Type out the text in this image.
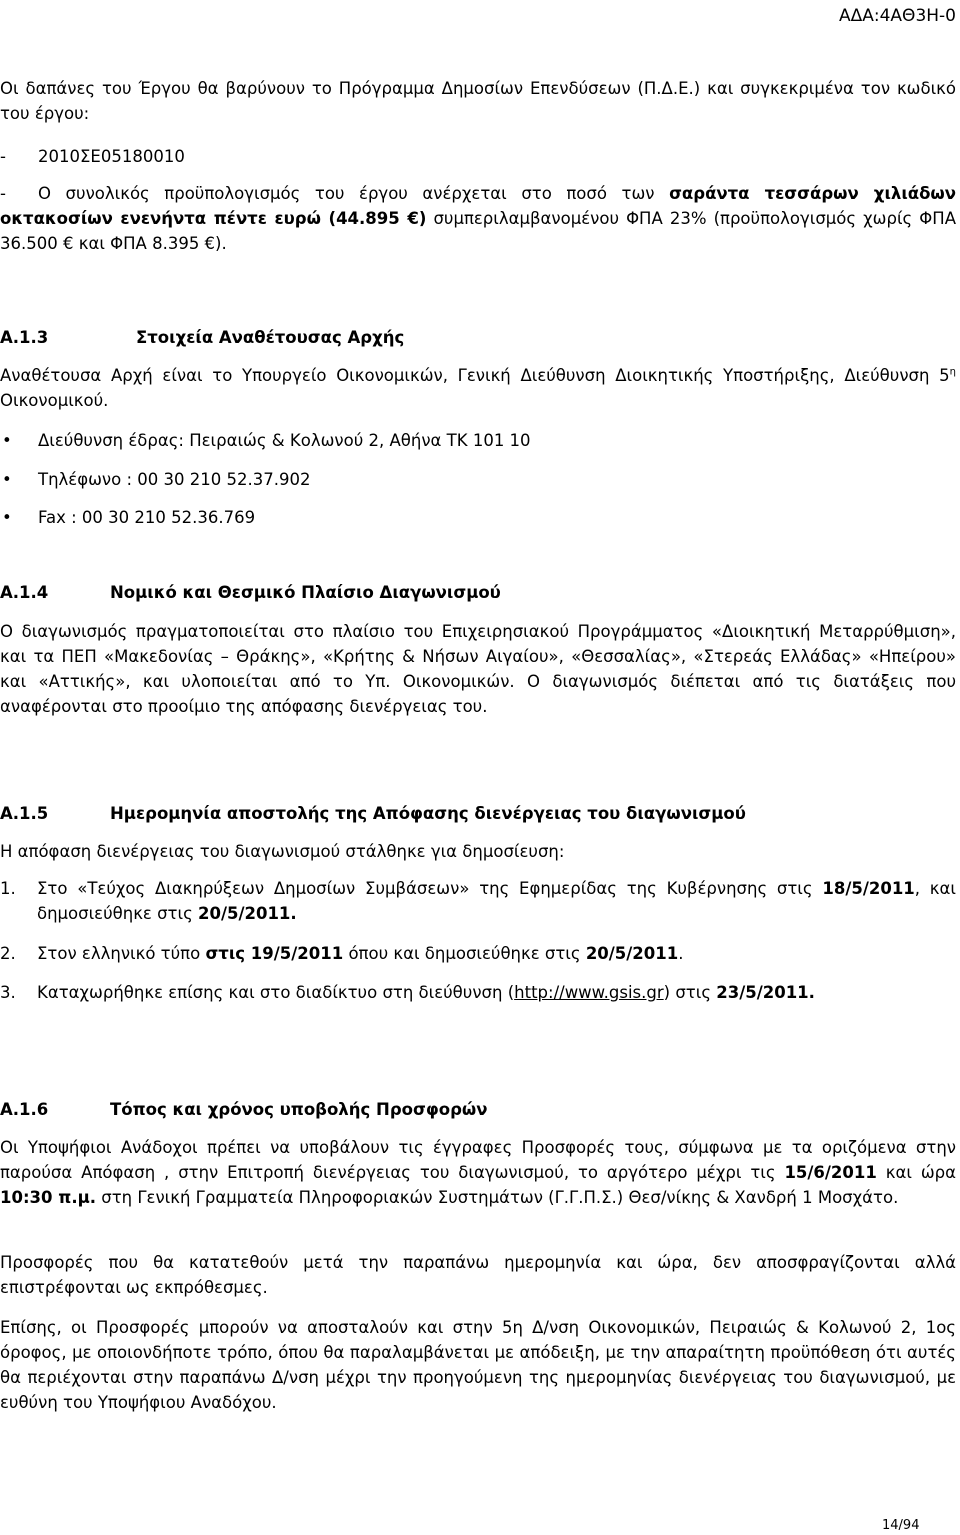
ΑΔΑ:4ΑΘ3Η-0

Οι δαπάνες του Έργου θα βαρύνουν το Πρόγραμμα Δημοσίων Επενδύσεων (Π.Δ.Ε.) και συγκεκριμένα τον κωδικό του έργου:

- 2010ΣΕ05180010
- Ο συνολικός προϋπολογισμός του έργου ανέρχεται στο ποσό των σαράντα τεσσάρων χιλιάδων οκτακοσίων ενενήντα πέντε ευρώ (44.895 €) συμπεριλαμβανομένου ΦΠΑ 23% (προϋπολογισμός χωρίς ΦΠΑ 36.500 € και ΦΠΑ 8.395 €).
Α.1.3	Στοιχεία Αναθέτουσας Αρχής
Αναθέτουσα Αρχή είναι το Υπουργείο Οικονομικών, Γενική Διεύθυνση Διοικητικής Υποστήριξης, Διεύθυνση $5^\eta$ Οικονομικού.
• Διεύθυνση έδρας: Πειραιώς & Κολωνού 2, Αθήνα ΤΚ 101 10
• Τηλέφωνο : 00 30 210 52.37.902
• Fax : 00 30 210 52.36.769
Α.1.4	Νομικό και Θεσμικό Πλαίσιο Διαγωνισμού

Ο διαγωνισμός πραγματοποιείται στο πλαίσιο του Επιχειρησιακού Προγράμματος «Διοικητική Μεταρρύθμιση», και τα ΠΕΠ «Μακεδονίας – Θράκης», «Κρήτης & Νήσων Αιγαίου», «Θεσσαλίας», «Στερεάς Ελλάδας» «Ηπείρου» και «Αττικής», και υλοποιείται από το Υπ. Οικονομικών. Ο διαγωνισμός διέπεται από τις διατάξεις που αναφέρονται στο προοίμιο της απόφασης διενέργειας του.

Α.1.5	Ημερομηνία αποστολής της Απόφασης διενέργειας του διαγωνισμού
Η απόφαση διενέργειας του διαγωνισμού στάλθηκε για δημοσίευση:
1. Στο «Τεύχος Διακηρύξεων Δημοσίων Συμβάσεων» της Εφημερίδας της Κυβέρνησης στις 18/5/2011, και δημοσιεύθηκε στις 20/5/2011.
2. Στον ελληνικό τύπο στις 19/5/2011 όπου και δημοσιεύθηκε στις 20/5/2011.
3. Καταχωρήθηκε επίσης και στο διαδίκτυο στη διεύθυνση (http://www.gsis.gr) στις 23/5/2011.
Α.1.6	Τόπος και χρόνος υποβολής Προσφορών
Οι Υποψήφιοι Ανάδοχοι πρέπει να υποβάλουν τις έγγραφες Προσφορές τους, σύμφωνα με τα οριζόμενα στην παρούσα Απόφαση , στην Επιτροπή διενέργειας του διαγωνισμού, το αργότερο μέχρι τις 15/6/2011 και ώρα 10:30 π.μ. στη Γενική Γραμματεία Πληροφοριακών Συστημάτων (Γ.Γ.Π.Σ.) Θεσ/νίκης & Χανδρή 1 Μοσχάτο.

Προσφορές που θα κατατεθούν μετά την παραπάνω ημερομηνία και ώρα, δεν αποσφραγίζονται αλλά επιστρέφονται ως εκπρόθεσμες.

Επίσης, οι Προσφορές μπορούν να αποσταλούν και στην 5η Δ/νση Οικονομικών, Πειραιώς & Κολωνού 2, 1ος όροφος, με οποιονδήποτε τρόπο, όπου θα παραλαμβάνεται με απόδειξη, με την απαραίτητη προϋπόθεση ότι αυτές θα περιέχονται στην παραπάνω Δ/νση μέχρι την προηγούμενη της ημερομηνίας διενέργειας του διαγωνισμού, με ευθύνη του Υποψήφιου Αναδόχου.

14/94
